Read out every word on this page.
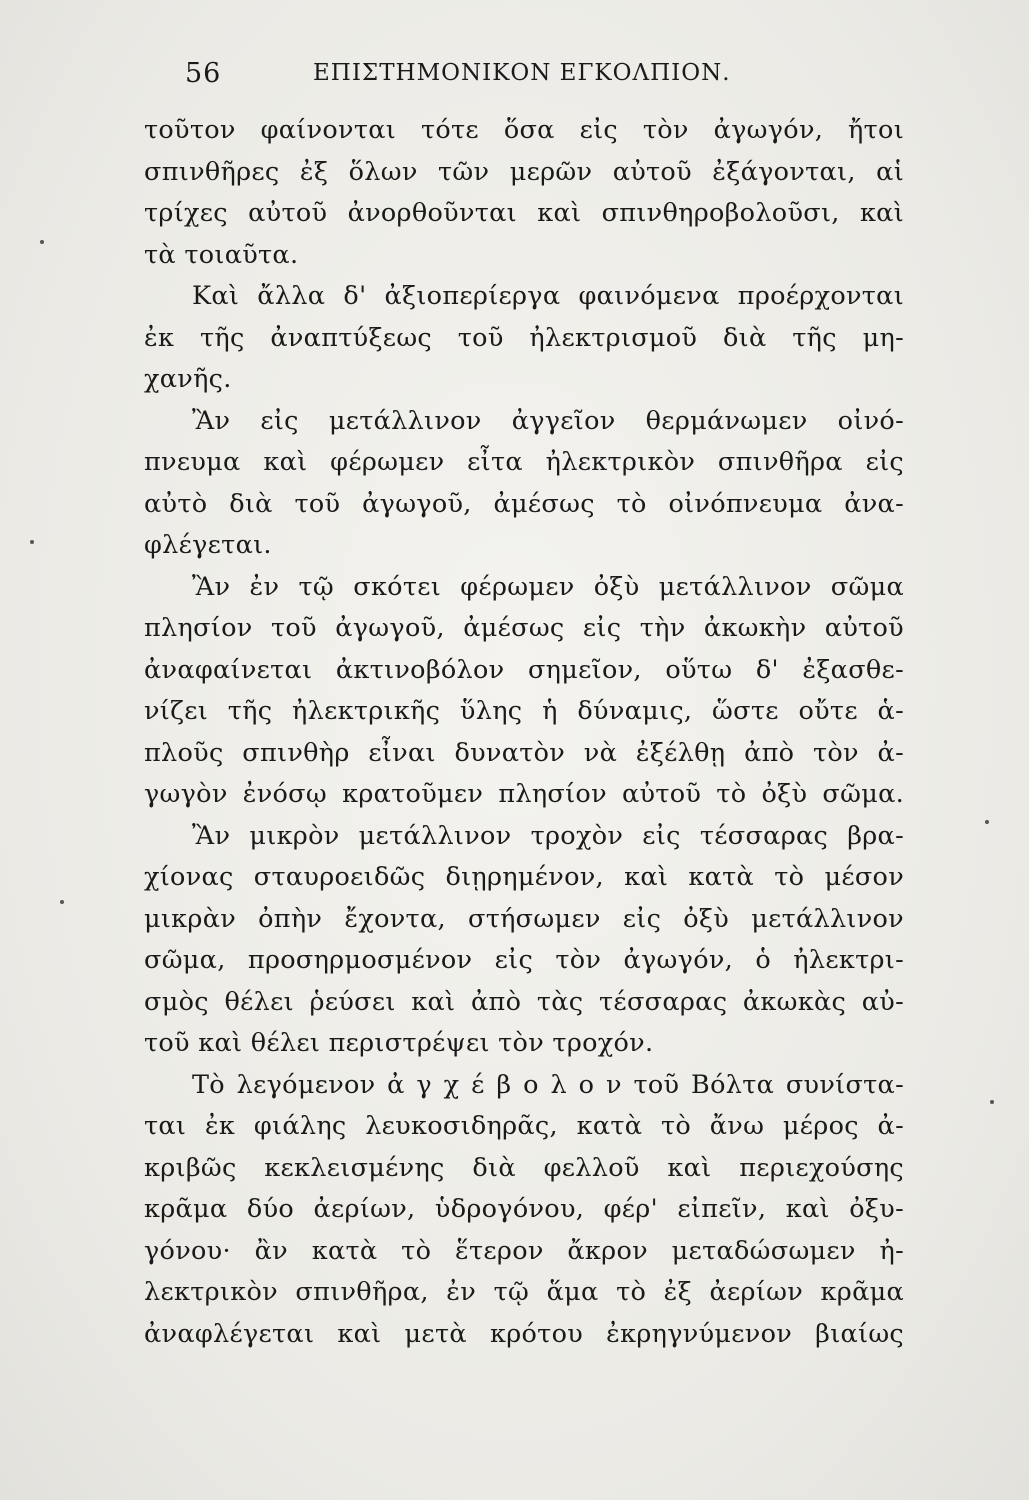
56	ΕΠΙΣΤΗΜΟΝΙΚΟΝ ΕΓΚΟΛΠΙΟΝ.
τοῦτον φαίνονται τότε ὅσα εἰς τὸν ἀγωγόν, ἤτοι
σπινθῆρες ἐξ ὅλων τῶν μερῶν αὐτοῦ ἐξάγονται, αἱ
τρίχες αὐτοῦ ἀνορθοῦνται καὶ σπινθηροβολοῦσι, καὶ
τὰ τοιαῦτα.
Καὶ ἄλλα δ' ἀξιοπερίεργα φαινόμενα προέρχονται
ἐκ τῆς ἀναπτύξεως τοῦ ἠλεκτρισμοῦ διὰ τῆς μη-
χανῆς.
Ἂν εἰς μετάλλινον ἀγγεῖον θερμάνωμεν οἰνό-
πνευμα καὶ φέρωμεν εἶτα ἠλεκτρικὸν σπινθῆρα εἰς
αὐτὸ διὰ τοῦ ἀγωγοῦ, ἀμέσως τὸ οἰνόπνευμα ἀνα-
φλέγεται.
Ἂν ἐν τῷ σκότει φέρωμεν ὀξὺ μετάλλινον σῶμα
πλησίον τοῦ ἀγωγοῦ, ἀμέσως εἰς τὴν ἀκωκὴν αὐτοῦ
ἀναφαίνεται ἀκτινοβόλον σημεῖον, οὕτω δ' ἐξασθε-
νίζει τῆς ἠλεκτρικῆς ὕλης ἡ δύναμις, ὥστε οὔτε ἁ-
πλοῦς σπινθὴρ εἶναι δυνατὸν νὰ ἐξέλθῃ ἀπὸ τὸν ἀ-
γωγὸν ἐνόσῳ κρατοῦμεν πλησίον αὐτοῦ τὸ ὀξὺ σῶμα.
Ἂν μικρὸν μετάλλινον τροχὸν εἰς τέσσαρας βρα-
χίονας σταυροειδῶς διῃρημένον, καὶ κατὰ τὸ μέσον
μικρὰν ὀπὴν ἔχοντα, στήσωμεν εἰς ὀξὺ μετάλλινον
σῶμα, προσηρμοσμένον εἰς τὸν ἀγωγόν, ὁ ἠλεκτρι-
σμὸς θέλει ῥεύσει καὶ ἀπὸ τὰς τέσσαρας ἀκωκὰς αὐ-
τοῦ καὶ θέλει περιστρέψει τὸν τροχόν.
Τὸ λεγόμενον ἀ γ χ έ β ο λ ο ν τοῦ Βόλτα συνίστα-
ται ἐκ φιάλης λευκοσιδηρᾶς, κατὰ τὸ ἄνω μέρος ἀ-
κριβῶς κεκλεισμένης διὰ φελλοῦ καὶ περιεχούσης
κρᾶμα δύο ἀερίων, ὑδρογόνου, φέρ' εἰπεῖν, καὶ ὀξυ-
γόνου· ἂν κατὰ τὸ ἕτερον ἄκρον μεταδώσωμεν ἠ-
λεκτρικὸν σπινθῆρα, ἐν τῷ ἅμα τὸ ἐξ ἀερίων κρᾶμα
ἀναφλέγεται καὶ μετὰ κρότου ἐκρηγνύμενον βιαίως
